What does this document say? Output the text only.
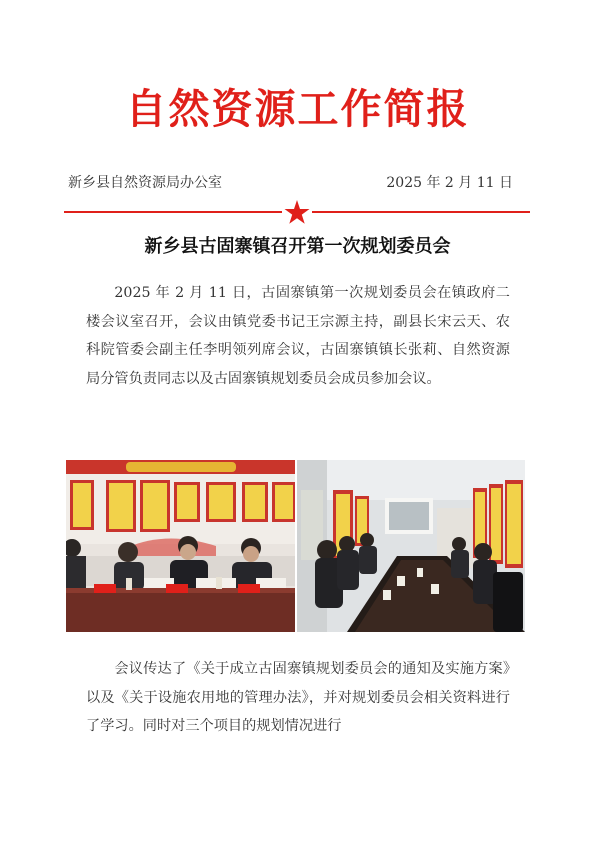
自然资源工作简报
新乡县自然资源局办公室	2025 年 2 月 11 日
新乡县古固寨镇召开第一次规划委员会
2025 年 2 月 11 日，古固寨镇第一次规划委员会在镇政府二楼会议室召开，会议由镇党委书记王宗源主持，副县长宋云天、农科院管委会副主任李明领列席会议，古固寨镇镇长张莉、自然资源局分管负责同志以及古固寨镇规划委员会成员参加会议。
会议传达了《关于成立古固寨镇规划委员会的通知及实施方案》以及《关于设施农用地的管理办法》，并对规划委员会相关资料进行了学习。同时对三个项目的规划情况进行
